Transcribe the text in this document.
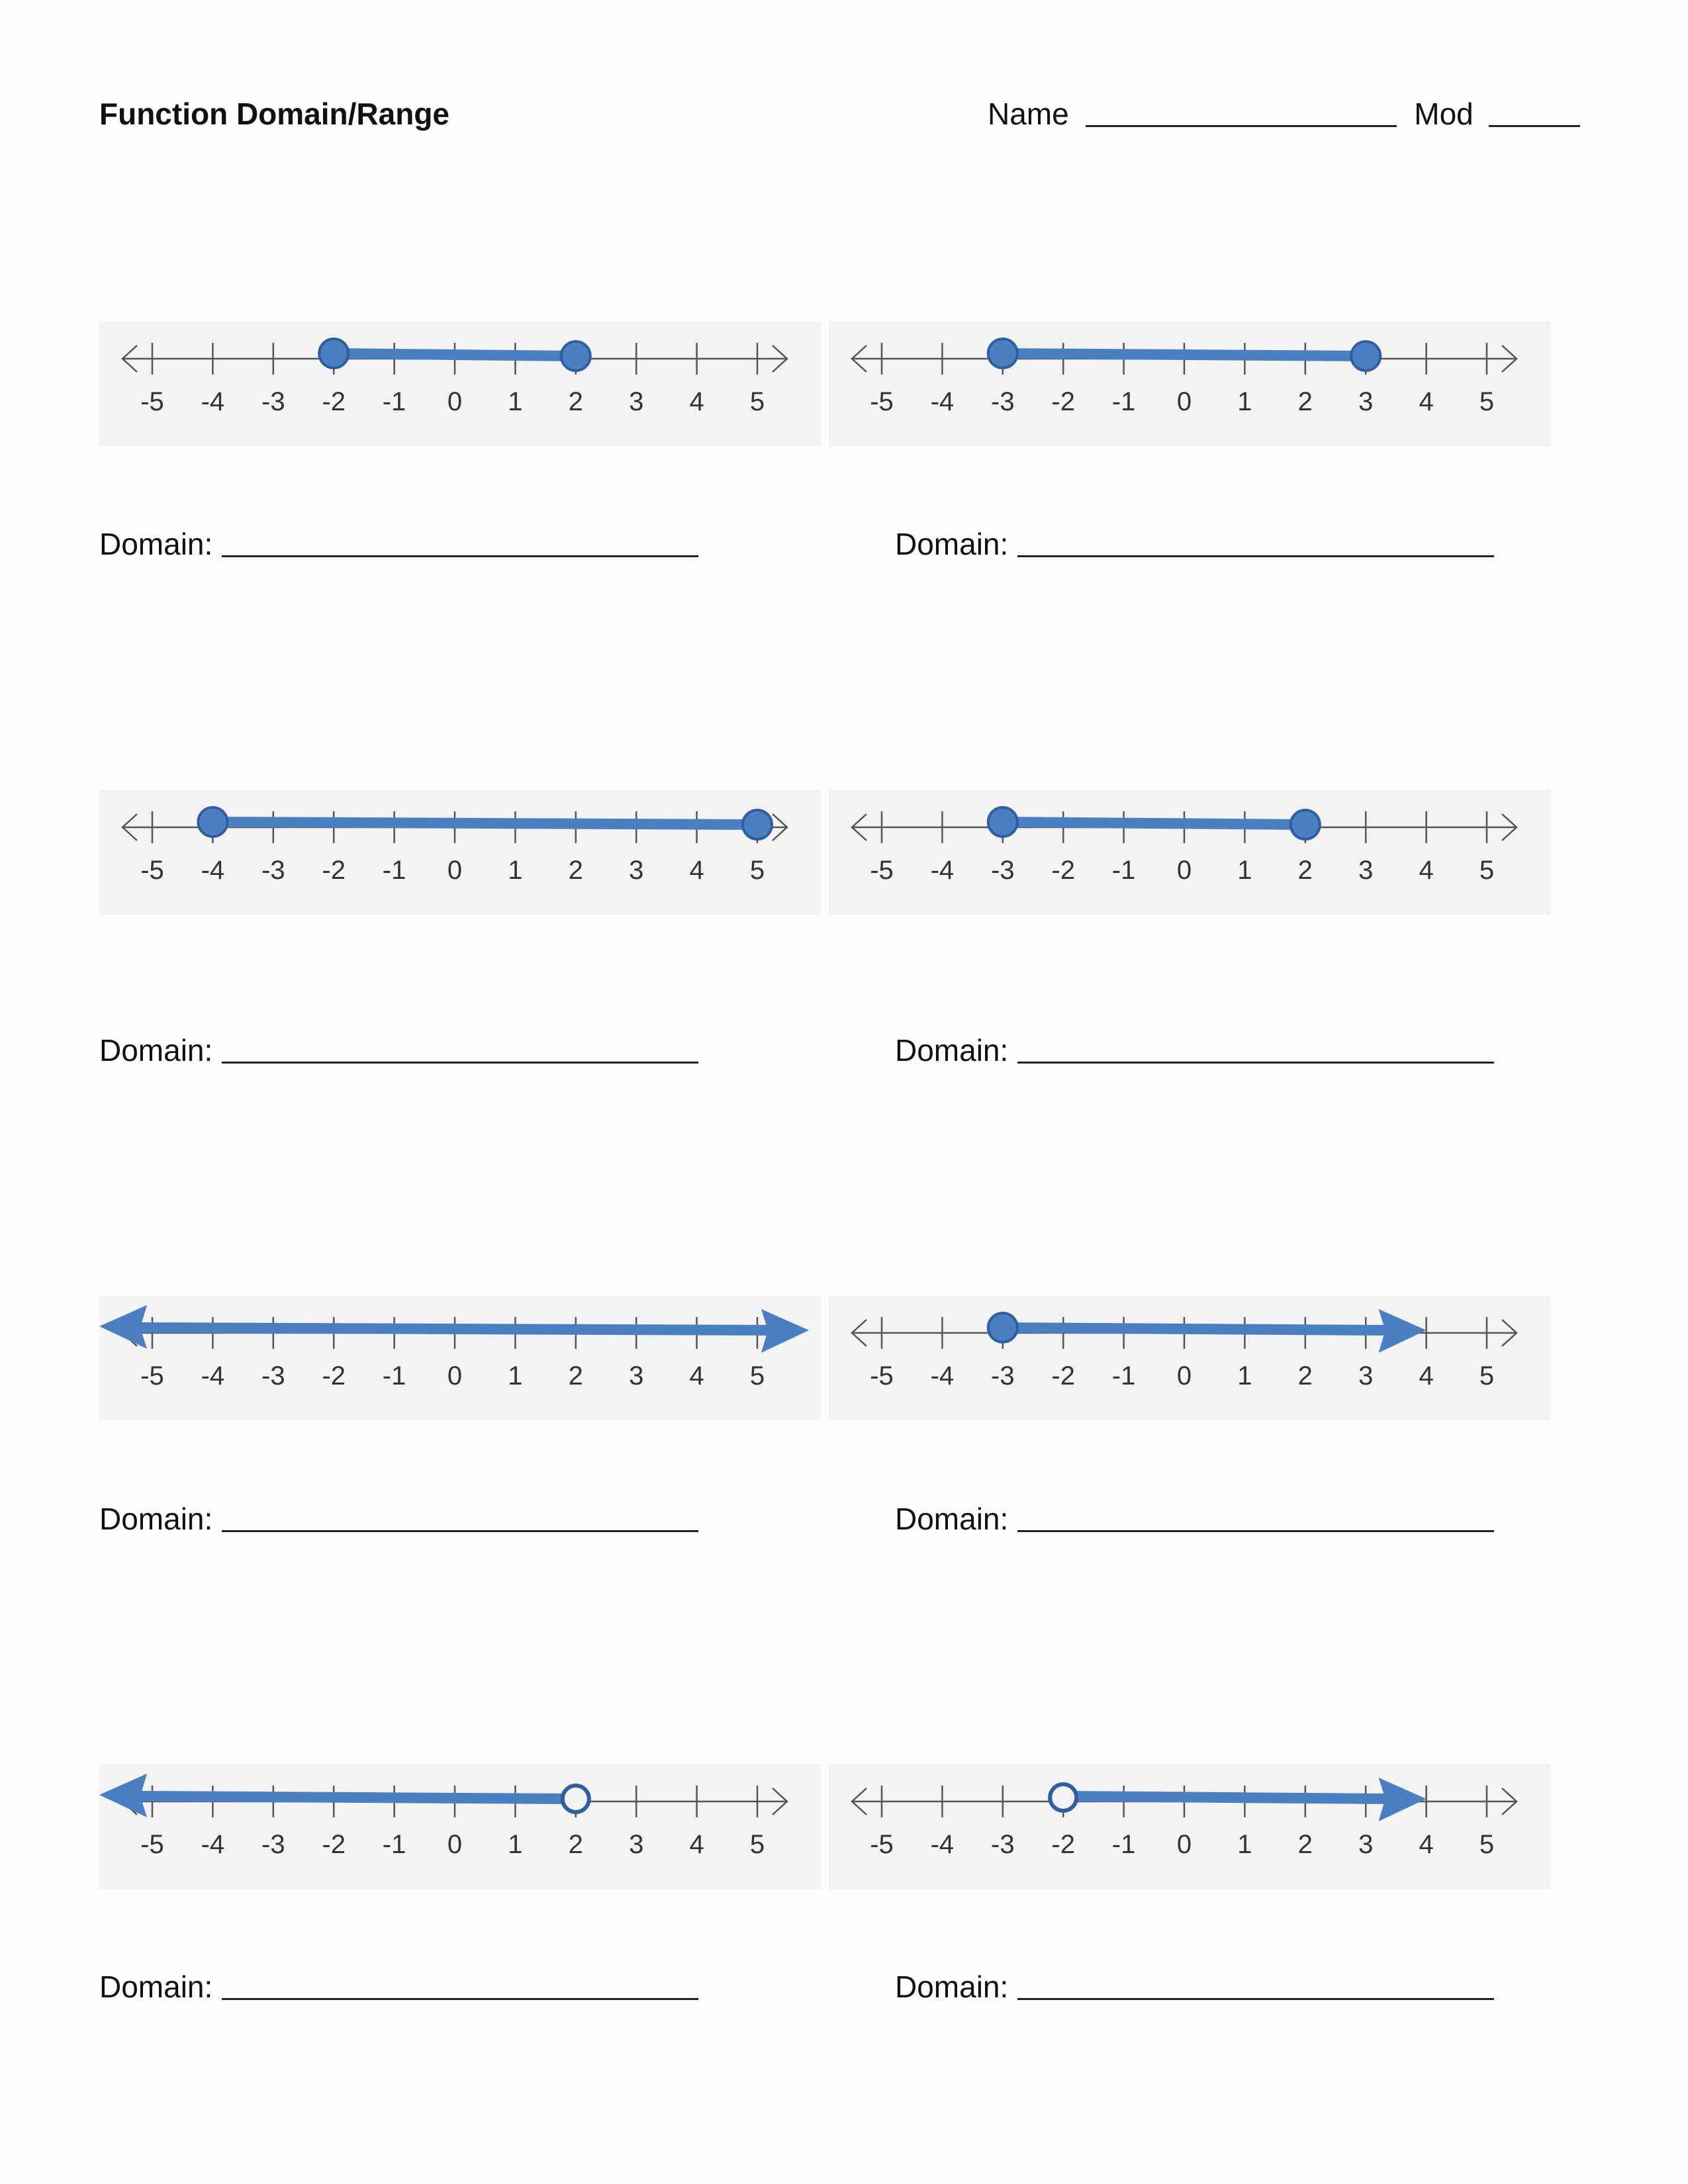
Function Domain/Range	Name	Mod
-5 -4 -3 -2 -1 0 1 2 3 4 5	-5 -4 -3 -2 -1 0 1 2 3 4 5
Domain:	Domain:
-5 -4 -3 -2 -1 0 1 2 3 4 5	-5 -4 -3 -2 -1 0 1 2 3 4 5
Domain:	Domain:
-5 -4 -3 -2 -1 0 1 2 3 4 5	-5 -4 -3 -2 -1 0 1 2 3 4 5
Domain:	Domain:
-5 -4 -3 -2 -1 0 1 2 3 4 5	-5 -4 -3 -2 -1 0 1 2 3 4 5
Domain:	Domain:
